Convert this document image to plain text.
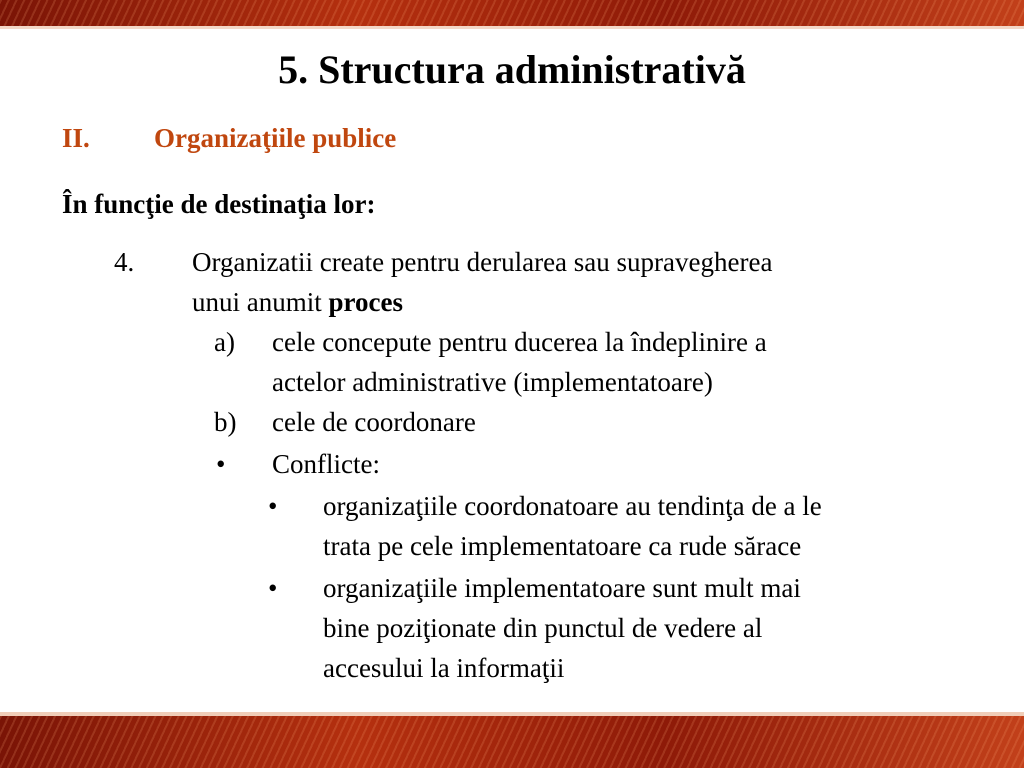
5. Structura administrativă
II. Organizaţiile publice
În funcţie de destinaţia lor:
4. Organizatii create pentru derularea sau supravegherea
unui anumit proces
a) cele concepute pentru ducerea la îndeplinire a
actelor administrative (implementatoare)
b) cele de coordonare
• Conflicte:
• organizaţiile coordonatoare au tendinţa de a le
trata pe cele implementatoare ca rude sărace
• organizaţiile implementatoare sunt mult mai
bine poziţionate din punctul de vedere al
accesului la informaţii
